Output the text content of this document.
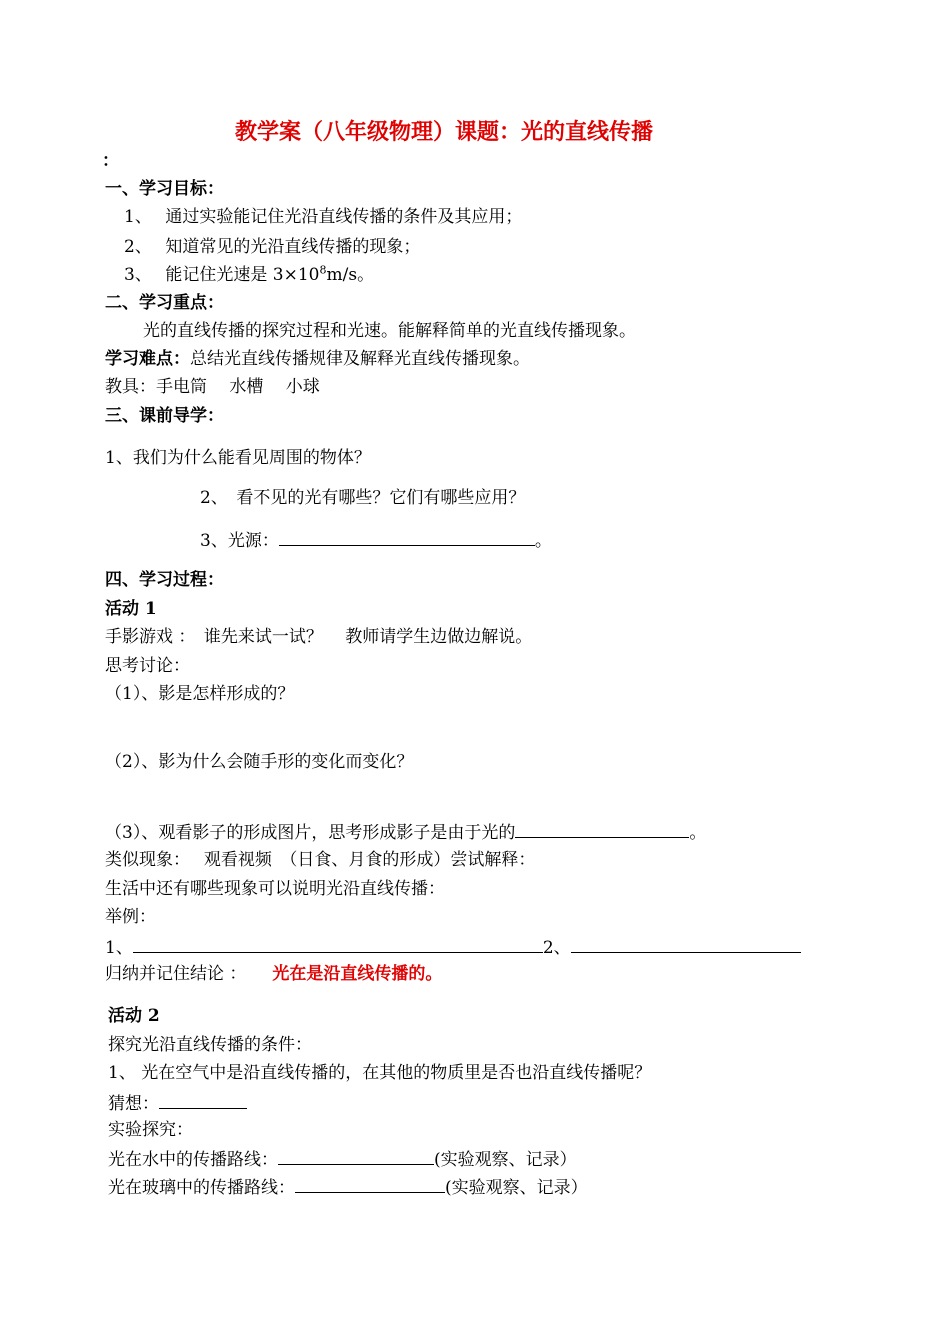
教学案（八年级物理）课题：光的直线传播
：
一、学习目标：
1、 通过实验能记住光沿直线传播的条件及其应用；
2、 知道常见的光沿直线传播的现象；
3、 能记住光速是 $3\times 10^8m/s$。
二、学习重点：
光的直线传播的探究过程和光速。能解释简单的光直线传播现象。
学习难点：总结光直线传播规律及解释光直线传播现象。
教具：手电筒　 水槽　 小球
三、课前导学：
1、我们为什么能看见周围的物体？
2、　看不见的光有哪些？它们有哪些应用？
3、光源：	。
四、学习过程：
活动 1
手影游戏 ：　谁先来试一试？　 教师请学生边做边解说。
思考讨论：
（1）、影是怎样形成的？
（2）、影为什么会随手形的变化而变化？
（3）、观看影子的形成图片，思考形成影子是由于光的	。
类似现象：　 观看视频　（日食、月食的形成）尝试解释：
生活中还有哪些现象可以说明光沿直线传播：
举例：
1、	2、
归纳并记住结论 ： 光在是沿直线传播的。
活动 2
探究光沿直线传播的条件：
1、 光在空气中是沿直线传播的，在其他的物质里是否也沿直线传播呢？
猜想：
实验探究：
光在水中的传播路线：	(实验观察、记录）
光在玻璃中的传播路线：	(实验观察、记录）
